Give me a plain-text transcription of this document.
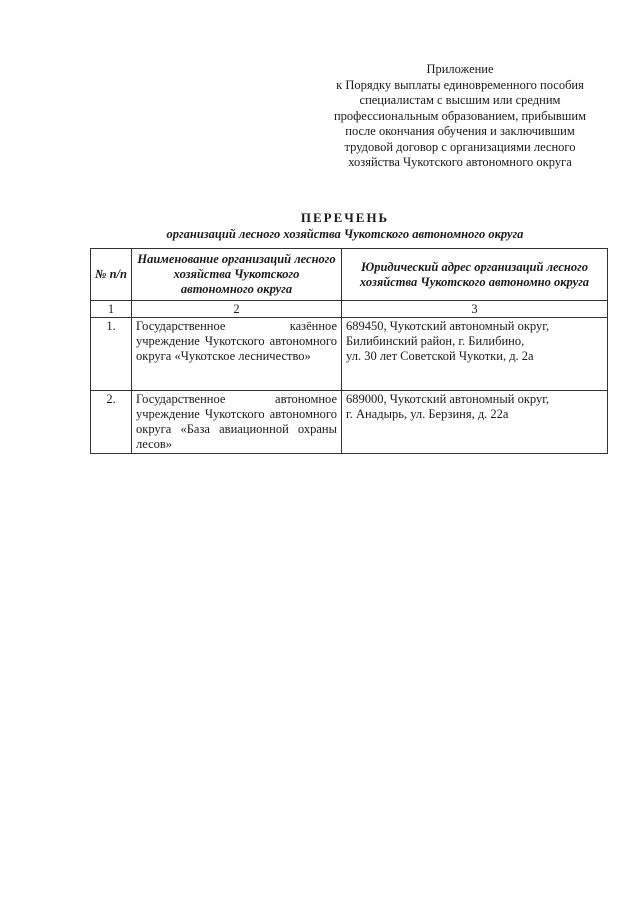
Приложение
к Порядку выплаты единовременного пособия
специалистам с высшим или средним
профессиональным образованием, прибывшим
после окончания обучения и заключившим
трудовой договор с организациями лесного
хозяйства Чукотского автономного округа
ПЕРЕЧЕНЬ
организаций лесного хозяйства Чукотского автономного округа
№ п/п	Наименование организаций лесного хозяйства Чукотского автономного округа	Юридический адрес организаций лесного хозяйства Чукотского автономно округа
1	2	3
1.	Государственное казённое учреждение Чукотского автономного округа «Чукотское лесничество»	689450, Чукотский автономный округ,
Билибинский район, г. Билибино,
ул. 30 лет Советской Чукотки, д. 2а

2.	Государственное автономное учреждение Чукотского автономного округа «База авиационной охраны лесов»	689000, Чукотский автономный округ,
г. Анадырь, ул. Берзиня, д. 22а
